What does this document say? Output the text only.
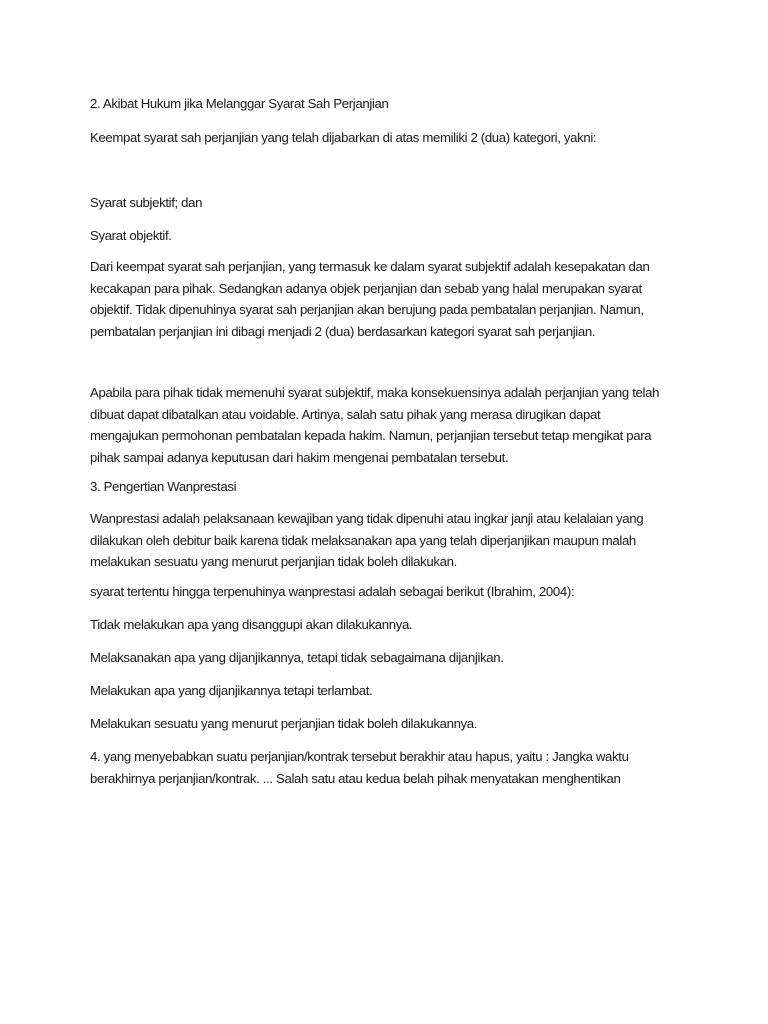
2. Akibat Hukum jika Melanggar Syarat Sah Perjanjian
Keempat syarat sah perjanjian yang telah dijabarkan di atas memiliki 2 (dua) kategori, yakni:
Syarat subjektif; dan
Syarat objektif.
Dari keempat syarat sah perjanjian, yang termasuk ke dalam syarat subjektif adalah kesepakatan dan
kecakapan para pihak. Sedangkan adanya objek perjanjian dan sebab yang halal merupakan syarat
objektif. Tidak dipenuhinya syarat sah perjanjian akan berujung pada pembatalan perjanjian. Namun,
pembatalan perjanjian ini dibagi menjadi 2 (dua) berdasarkan kategori syarat sah perjanjian.
Apabila para pihak tidak memenuhi syarat subjektif, maka konsekuensinya adalah perjanjian yang telah
dibuat dapat dibatalkan atau voidable. Artinya, salah satu pihak yang merasa dirugikan dapat
mengajukan permohonan pembatalan kepada hakim. Namun, perjanjian tersebut tetap mengikat para
pihak sampai adanya keputusan dari hakim mengenai pembatalan tersebut.
3. Pengertian Wanprestasi
Wanprestasi adalah pelaksanaan kewajiban yang tidak dipenuhi atau ingkar janji atau kelalaian yang
dilakukan oleh debitur baik karena tidak melaksanakan apa yang telah diperjanjikan maupun malah
melakukan sesuatu yang menurut perjanjian tidak boleh dilakukan.
syarat tertentu hingga terpenuhinya wanprestasi adalah sebagai berikut (Ibrahim, 2004):
Tidak melakukan apa yang disanggupi akan dilakukannya.
Melaksanakan apa yang dijanjikannya, tetapi tidak sebagaimana dijanjikan.
Melakukan apa yang dijanjikannya tetapi terlambat.
Melakukan sesuatu yang menurut perjanjian tidak boleh dilakukannya.
4. yang menyebabkan suatu perjanjian/kontrak tersebut berakhir atau hapus, yaitu : Jangka waktu
berakhirnya perjanjian/kontrak. ... Salah satu atau kedua belah pihak menyatakan menghentikan
